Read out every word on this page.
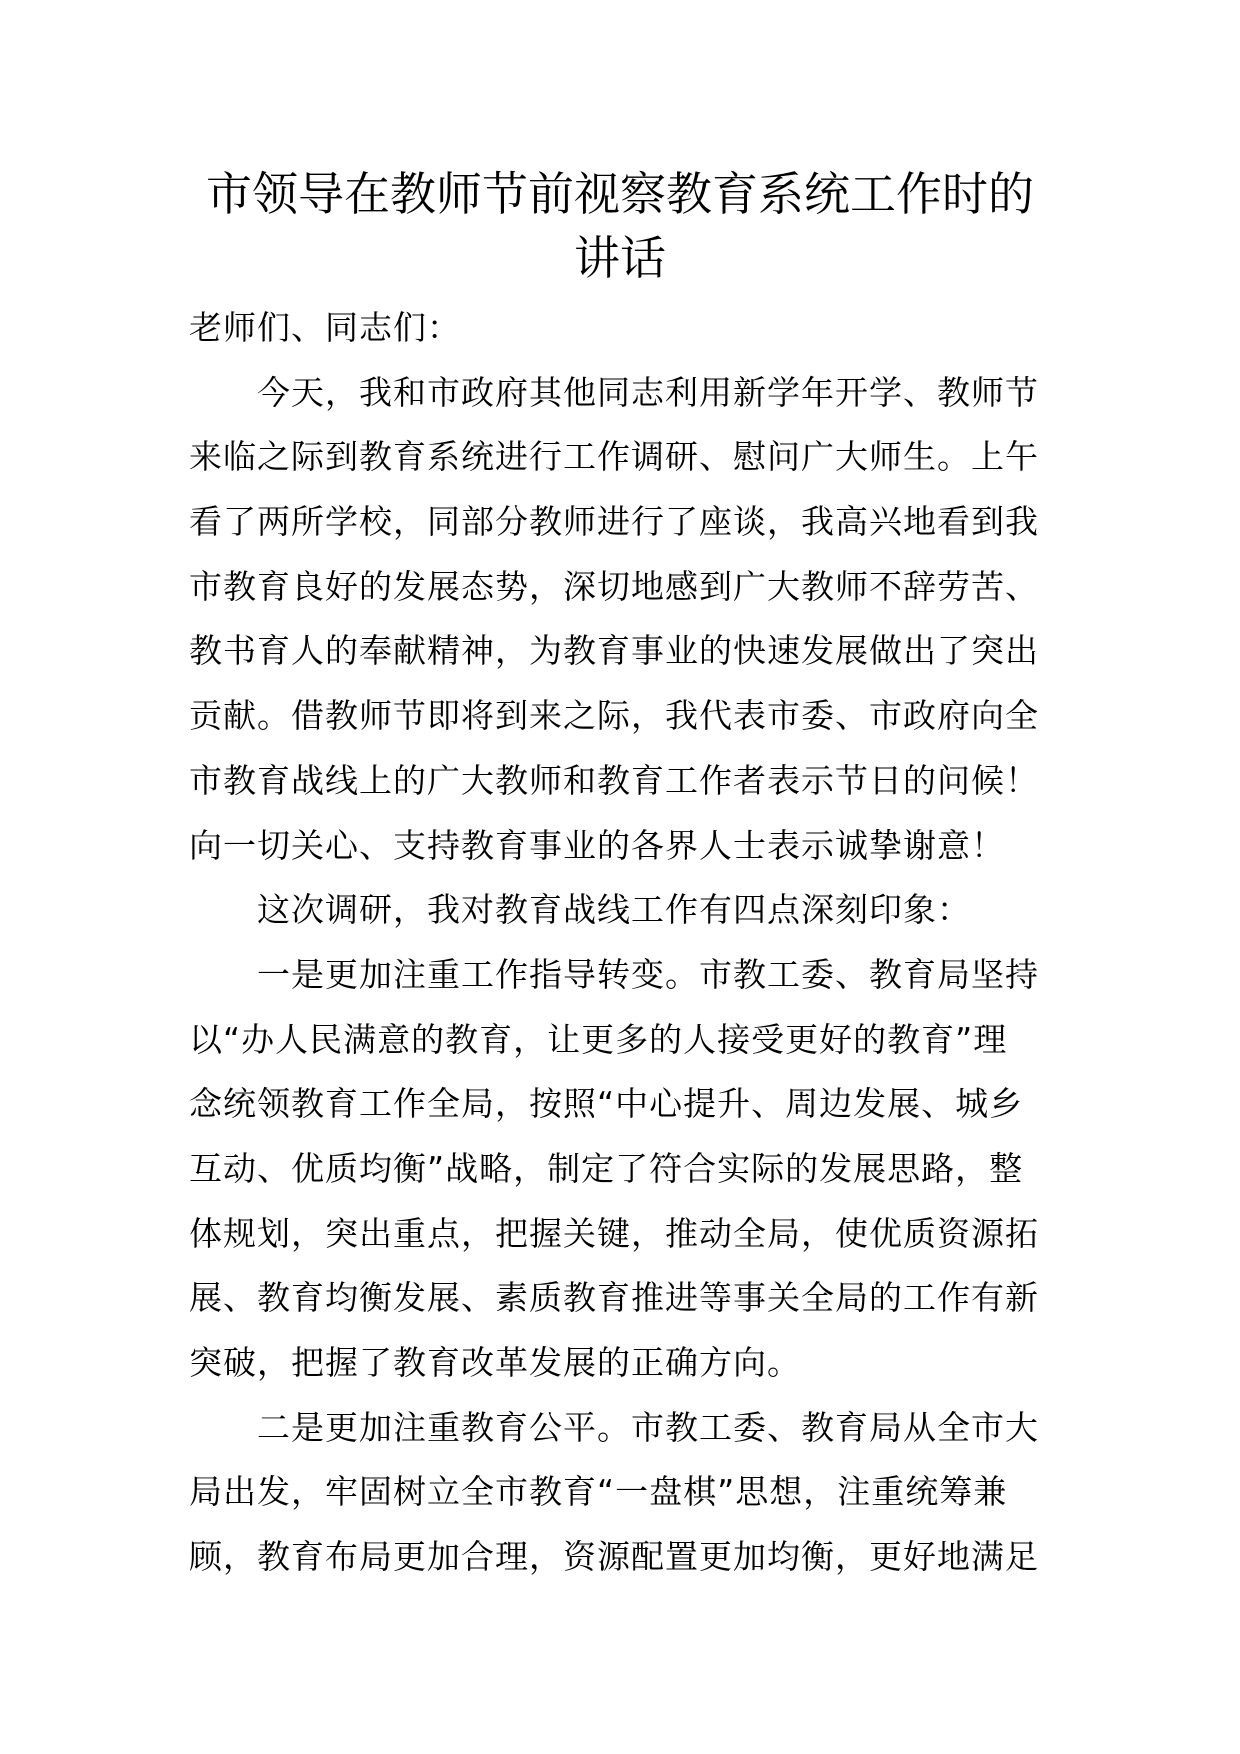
市领导在教师节前视察教育系统工作时的
讲话
老师们、同志们：
今天，我和市政府其他同志利用新学年开学、教师节
来临之际到教育系统进行工作调研、慰问广大师生。上午
看了两所学校，同部分教师进行了座谈，我高兴地看到我
市教育良好的发展态势，深切地感到广大教师不辞劳苦、
教书育人的奉献精神，为教育事业的快速发展做出了突出
贡献。借教师节即将到来之际，我代表市委、市政府向全
市教育战线上的广大教师和教育工作者表示节日的问候！
向一切关心、支持教育事业的各界人士表示诚挚谢意！
这次调研，我对教育战线工作有四点深刻印象：
一是更加注重工作指导转变。市教工委、教育局坚持
以“办人民满意的教育，让更多的人接受更好的教育”理
念统领教育工作全局，按照“中心提升、周边发展、城乡
互动、优质均衡”战略，制定了符合实际的发展思路，整
体规划，突出重点，把握关键，推动全局，使优质资源拓
展、教育均衡发展、素质教育推进等事关全局的工作有新
突破，把握了教育改革发展的正确方向。
二是更加注重教育公平。市教工委、教育局从全市大
局出发，牢固树立全市教育“一盘棋”思想，注重统筹兼
顾，教育布局更加合理，资源配置更加均衡，更好地满足
